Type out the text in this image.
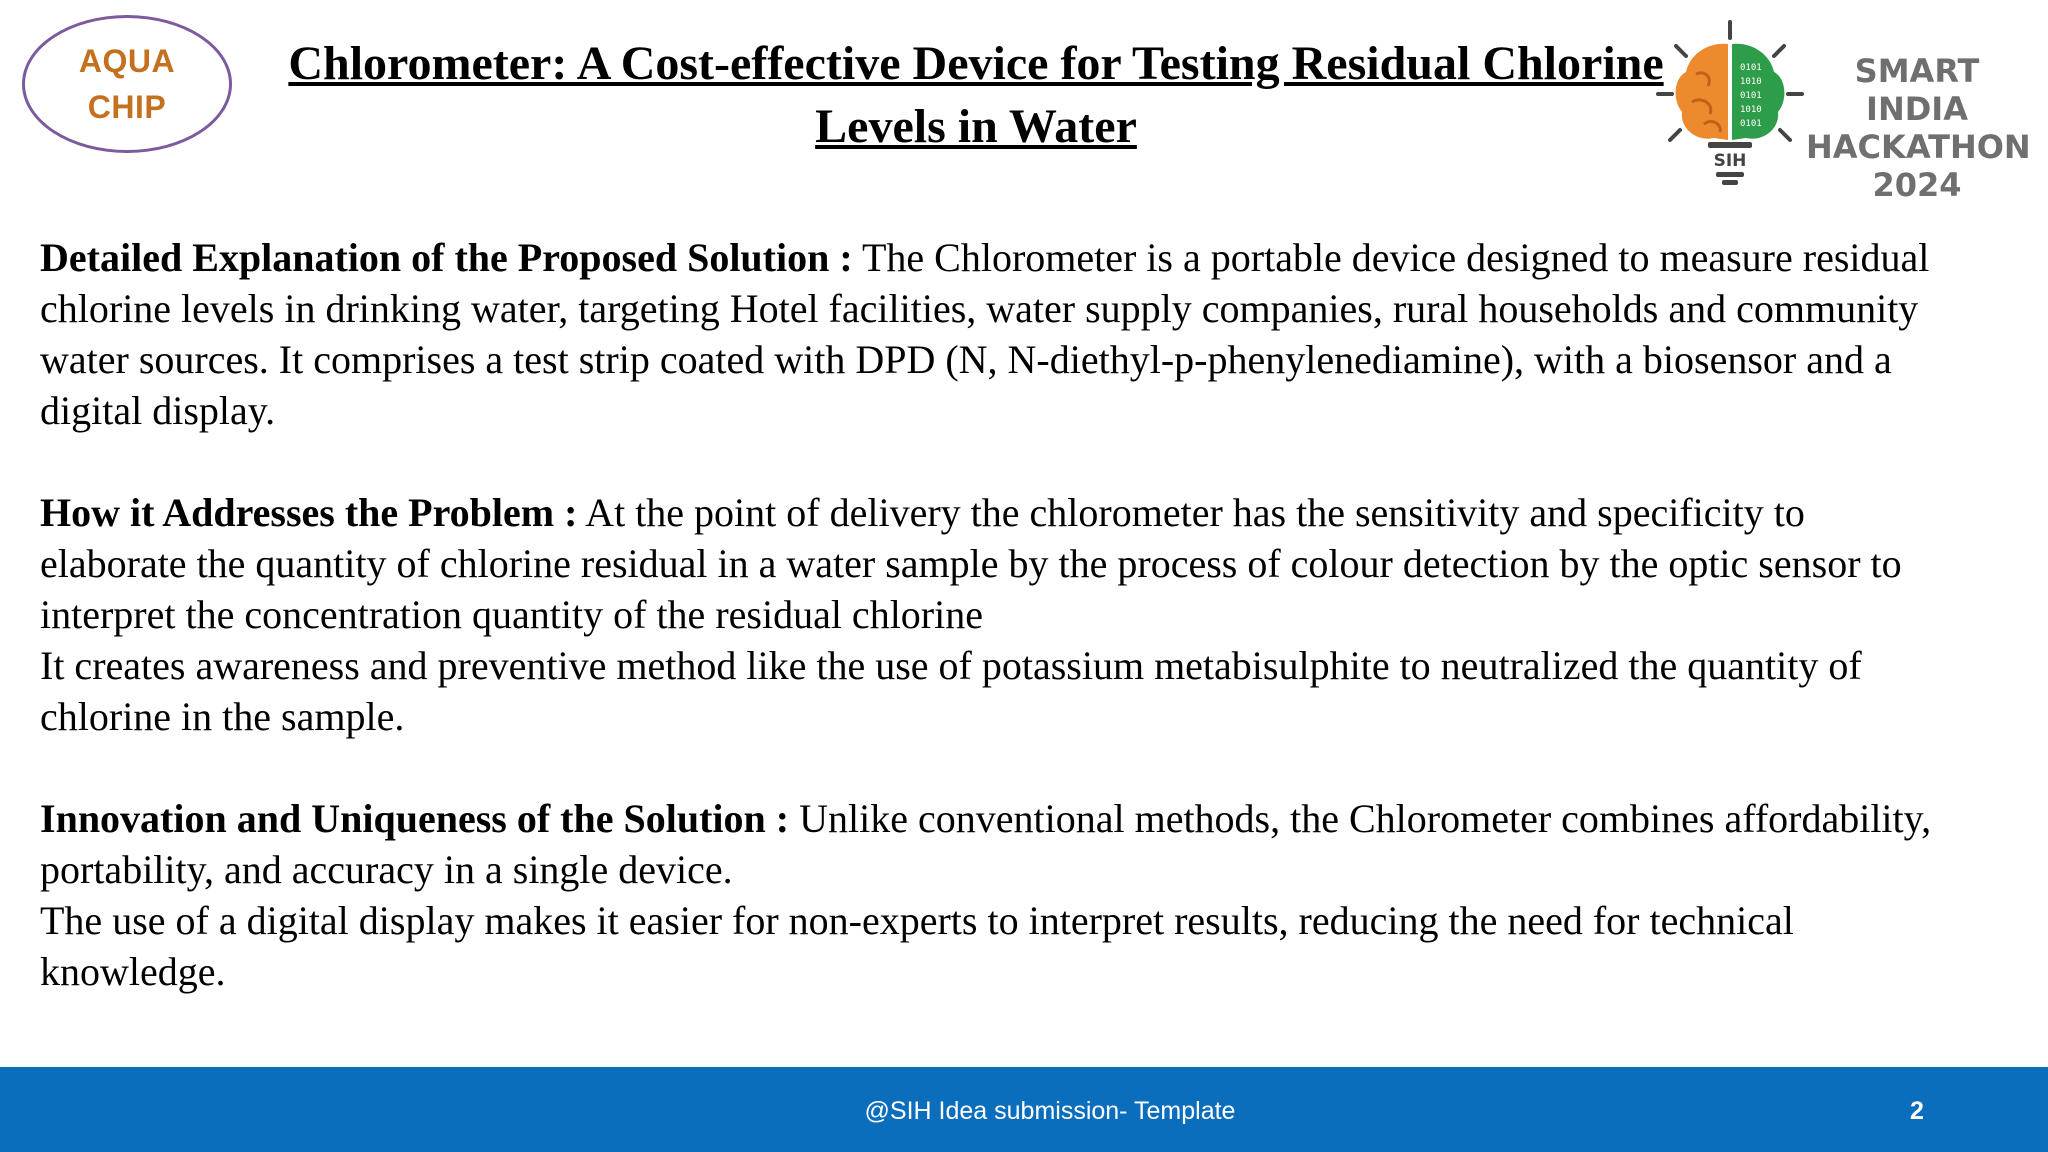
AQUA
CHIP
Chlorometer: A Cost-effective Device for Testing Residual Chlorine
Levels in Water
0101
1010
0101
1010
0101
SIH
SMART INDIA
HACKATHON
2024
Detailed Explanation of the Proposed Solution : The Chlorometer is a portable device designed to measure residual
chlorine levels in drinking water, targeting Hotel facilities, water supply companies, rural households and community
water sources. It comprises a test strip coated with DPD (N, N-diethyl-p-phenylenediamine), with a biosensor and a
digital display.
How it Addresses the Problem : At the point of delivery the chlorometer has the sensitivity and specificity to
elaborate the quantity of chlorine residual in a water sample by the process of colour detection by the optic sensor to
interpret the concentration quantity of the residual chlorine
It creates awareness and preventive method like the use of potassium metabisulphite to neutralized the quantity of
chlorine in the sample.
Innovation and Uniqueness of the Solution : Unlike conventional methods, the Chlorometer combines affordability,
portability, and accuracy in a single device.
The use of a digital display makes it easier for non-experts to interpret results, reducing the need for technical
knowledge.
@SIH Idea submission- Template	2
